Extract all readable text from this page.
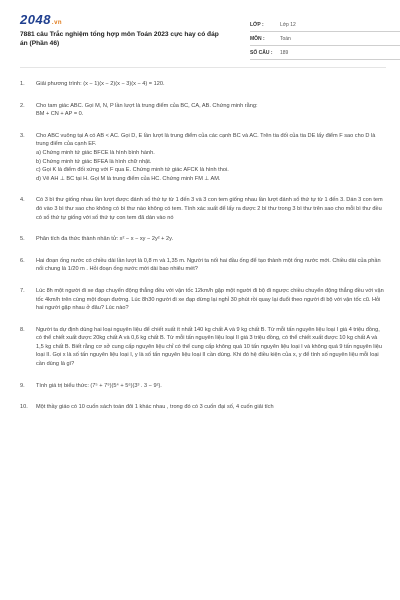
2048.vn
7881 câu Trắc nghiệm tổng hợp môn Toán 2023 cực hay có đáp án (Phần 46)
LỚP :	Lớp 12
MÔN :	Toán
SỐ CÂU :	189
1.	Giải phương trình: (x − 1)(x − 2)(x − 3)(x − 4) = 120.
2.	Cho tam giác ABC. Gọi M, N, P lần lượt là trung điểm của BC, CA, AB. Chứng minh rằng:
BM + CN + AP = 0.
3.	Cho ABC vuông tại A có AB < AC. Gọi D, E lần lượt là trung điểm của các cạnh BC và AC. Trên tia đối của tia DE lấy điểm F sao cho D là trung điểm của cạnh EF.
a) Chứng minh tứ giác BFCE là hình bình hành.
b) Chứng minh tứ giác BFEA là hình chữ nhật.
c) Gọi K là điểm đối xứng với F qua E. Chứng minh tứ giác AFCK là hình thoi.
d) Vẽ AH ⊥ BC tại H. Gọi M là trung điểm của HC. Chứng minh FM ⊥ AM.
4.	Có 3 bì thư giống nhau lần lượt được đánh số thứ tự từ 1 đến 3 và 3 con tem giống nhau lần lượt đánh số thứ tự từ 1 đến 3. Dán 3 con tem đó vào 3 bì thư sao cho không có bì thư nào không có tem. Tính xác suất để lấy ra được 2 bì thư trong 3 bì thư trên sao cho mỗi bì thư đều có số thứ tự giống với số thứ tự con tem đã dán vào nó
5.	Phân tích đa thức thành nhân tử: x² − x − xy − 2y² + 2y.
6.	Hai đoạn ống nước có chiều dài lần lượt là 0,8 m và 1,35 m. Người ta nối hai đầu ống để tạo thành một ống nước mới. Chiều dài của phần nối chung là 1/20 m . Hỏi đoạn ống nước mới dài bao nhiêu mét?
7.	Lúc 8h một người đi xe đạp chuyển động thẳng đều với vận tốc 12km/h gặp một người đi bộ đi ngược chiều chuyển động thẳng đều với vận tốc 4km/h trên cùng một đoạn đường. Lúc 8h30 người đi xe đạp dừng lại nghỉ 30 phút rồi quay lại đuổi theo người đi bộ với vận tốc cũ. Hỏi hai người gặp nhau ở đâu? Lúc nào?
8.	Người ta dự định dùng hai loại nguyên liệu để chiết xuất ít nhất 140 kg chất A và 9 kg chất B. Từ mỗi tấn nguyên liệu loại I giá 4 triệu đồng, có thể chiết xuất được 20kg chất A và 0,6 kg chất B. Từ mỗi tấn nguyên liệu loại II giá 3 triệu đồng, có thể chiết xuất được 10 kg chất A và 1,5 kg chất B. Biết rằng cơ sở cung cấp nguyên liệu chỉ có thể cung cấp không quá 10 tấn nguyên liệu loại I và không quá 9 tấn nguyên liệu loại II. Gọi x là số tấn nguyên liệu loại I, y là số tấn nguyên liệu loại II cần dùng. Khi đó hệ điều kiện của x, y để tính số nguyên liệu mỗi loại cần dùng là gì?
9.	Tính giá trị biểu thức: (7⁵ + 7⁹)(5⁴ + 5⁶)(3³ . 3 − 9²).
10.	Một thầy giáo có 10 cuốn sách toán đôi 1 khác nhau , trong đó có 3 cuốn đại số, 4 cuốn giải tích
